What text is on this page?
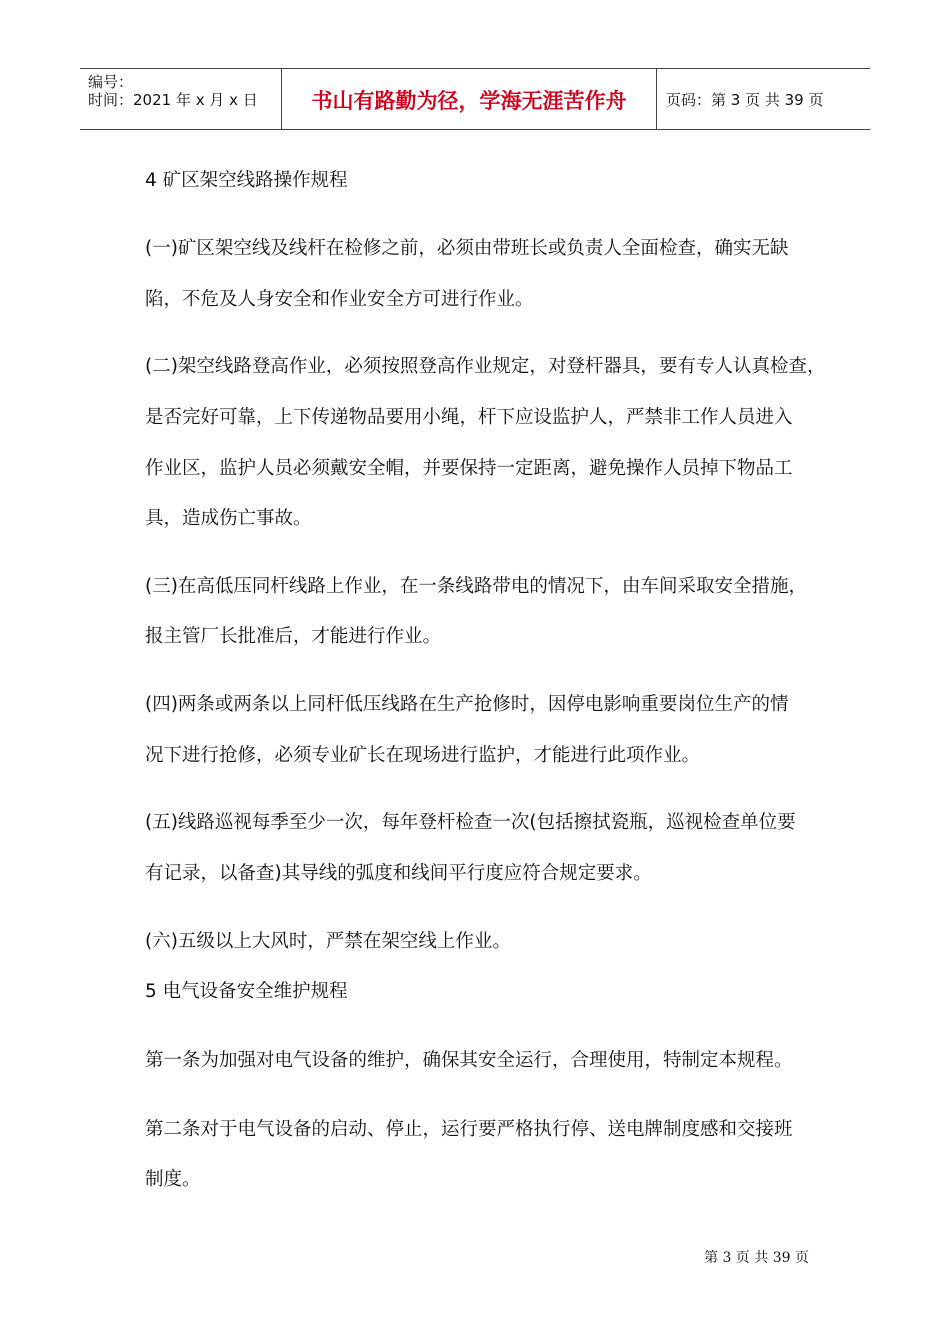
编号：
时间：2021 年 x 月 x 日	书山有路勤为径，学海无涯苦作舟	页码：第 3 页 共 39 页
4 矿区架空线路操作规程
(一)矿区架空线及线杆在检修之前，必须由带班长或负责人全面检查，确实无缺
陷，不危及人身安全和作业安全方可进行作业。
(二)架空线路登高作业，必须按照登高作业规定，对登杆器具，要有专人认真检查，
是否完好可靠，上下传递物品要用小绳，杆下应设监护人，严禁非工作人员进入
作业区，监护人员必须戴安全帽，并要保持一定距离，避免操作人员掉下物品工
具，造成伤亡事故。
(三)在高低压同杆线路上作业，在一条线路带电的情况下，由车间采取安全措施，
报主管厂长批准后，才能进行作业。
(四)两条或两条以上同杆低压线路在生产抢修时，因停电影响重要岗位生产的情
况下进行抢修，必须专业矿长在现场进行监护，才能进行此项作业。
(五)线路巡视每季至少一次，每年登杆检查一次(包括擦拭瓷瓶，巡视检查单位要
有记录，以备查)其导线的弧度和线间平行度应符合规定要求。
(六)五级以上大风时，严禁在架空线上作业。
5 电气设备安全维护规程
第一条为加强对电气设备的维护，确保其安全运行，合理使用，特制定本规程。
第二条对于电气设备的启动、停止，运行要严格执行停、送电牌制度感和交接班
制度。
第 3 页 共 39 页
